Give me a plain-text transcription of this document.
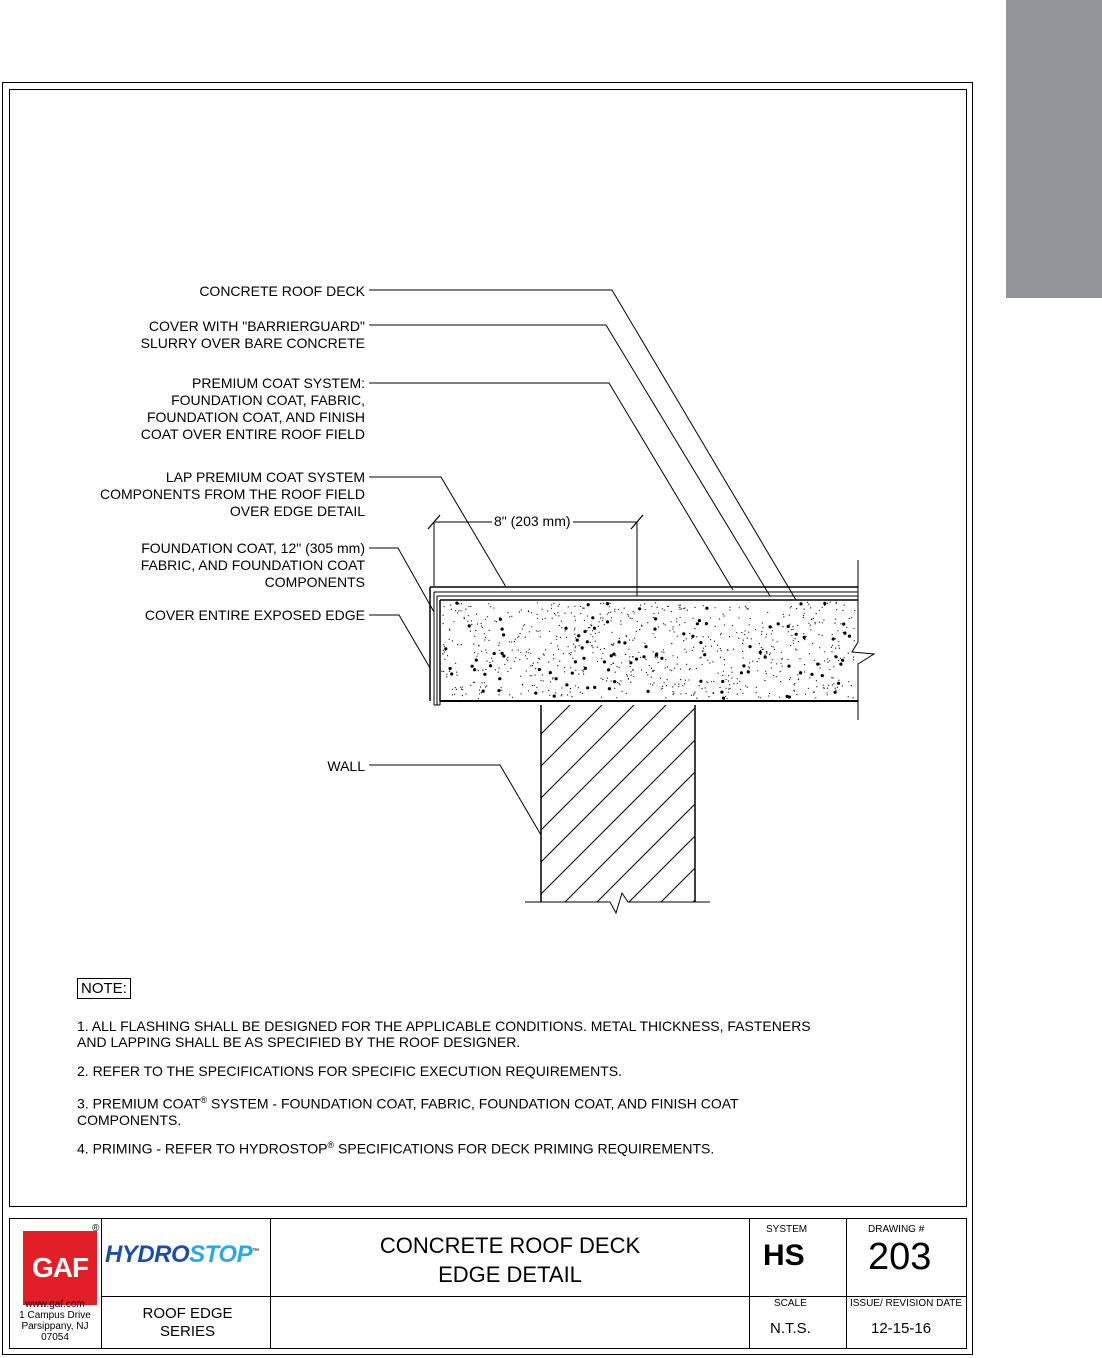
CONCRETE ROOF DECK
COVER WITH "BARRIERGUARD"
SLURRY OVER BARE CONCRETE
PREMIUM COAT SYSTEM:
FOUNDATION COAT, FABRIC,
FOUNDATION COAT, AND FINISH
COAT OVER ENTIRE ROOF FIELD
LAP PREMIUM COAT SYSTEM
COMPONENTS FROM THE ROOF FIELD
OVER EDGE DETAIL
FOUNDATION COAT, 12" (305 mm)
FABRIC, AND FOUNDATION COAT
COMPONENTS
COVER ENTIRE EXPOSED EDGE
WALL
8" (203 mm)
NOTE:
1. ALL FLASHING SHALL BE DESIGNED FOR THE APPLICABLE CONDITIONS. METAL THICKNESS, FASTENERS AND LAPPING SHALL BE AS SPECIFIED BY THE ROOF DESIGNER.
2. REFER TO THE SPECIFICATIONS FOR SPECIFIC EXECUTION REQUIREMENTS.
3. PREMIUM COAT® SYSTEM - FOUNDATION COAT, FABRIC, FOUNDATION COAT, AND FINISH COAT COMPONENTS.
4. PRIMING - REFER TO HYDROSTOP® SPECIFICATIONS FOR DECK PRIMING REQUIREMENTS.
GAF
®
www.gaf.com
1 Campus Drive
Parsippany, NJ
07054
HYDROSTOP™	CONCRETE ROOF DECK
EDGE DETAIL
ROOF EDGE
SERIES
SYSTEM
HS
DRAWING #
203
SCALE
N.T.S.
ISSUE/ REVISION DATE
12-15-16
